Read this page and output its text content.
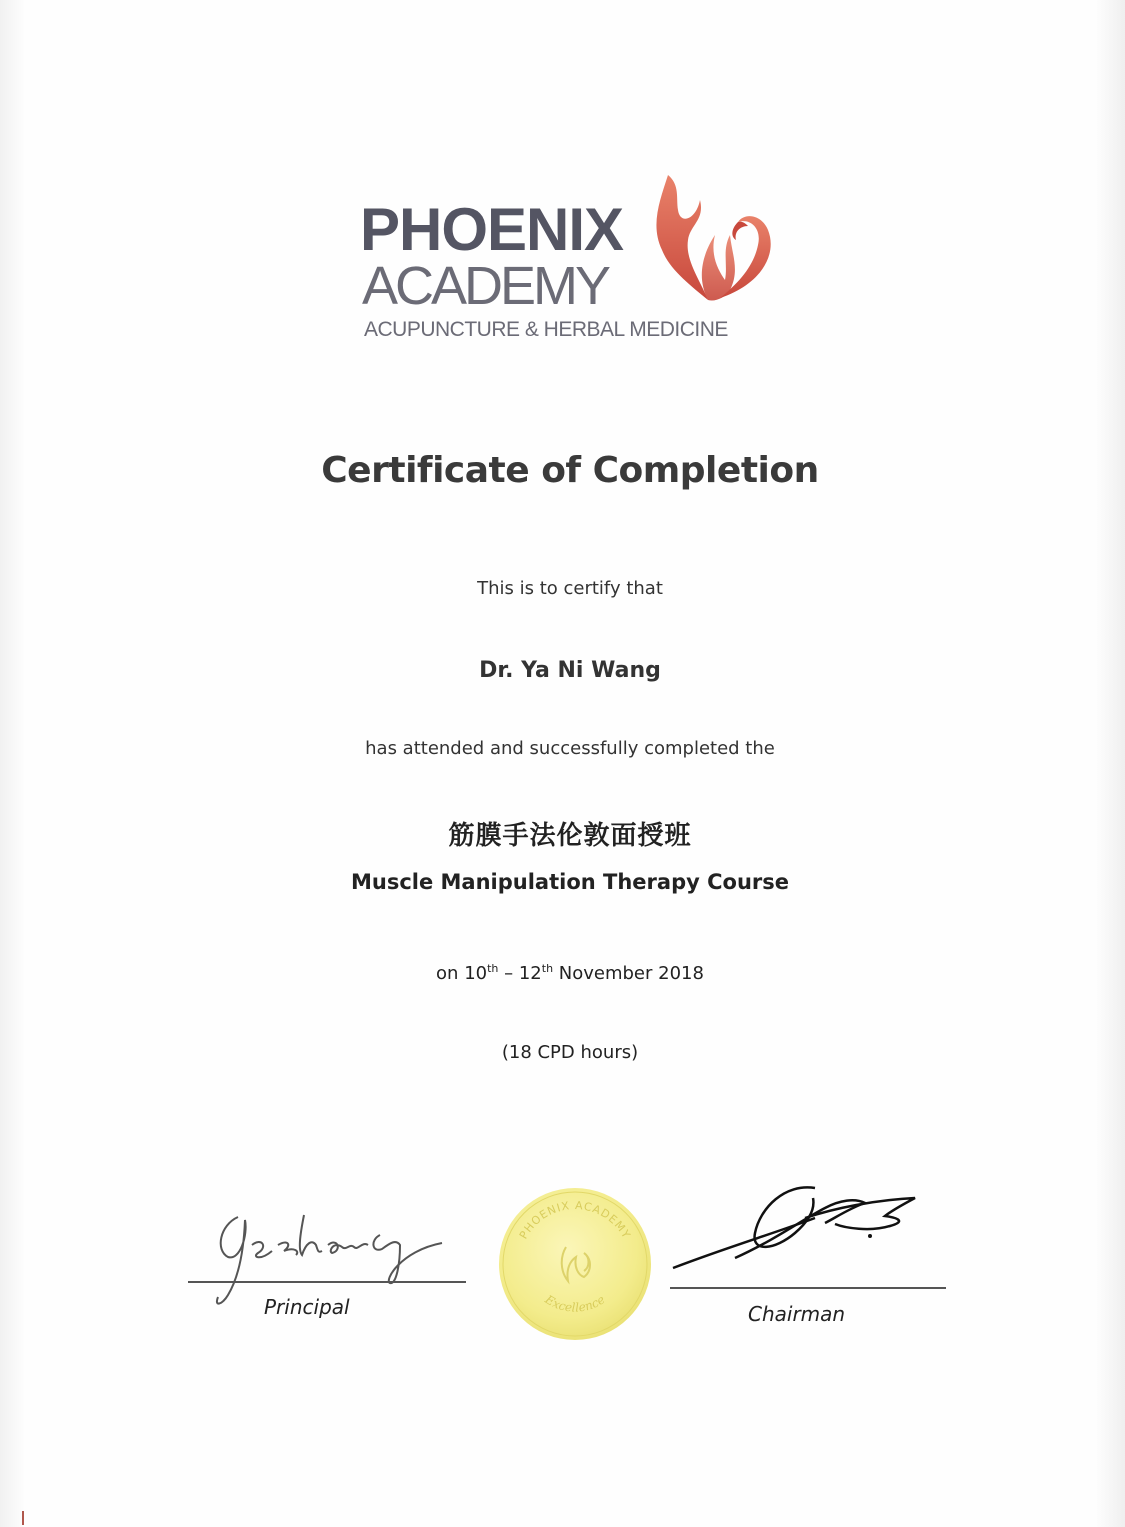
PHOENIX
ACADEMY
ACUPUNCTURE & HERBAL MEDICINE
Certificate of Completion
This is to certify that
Dr. Ya Ni Wang
has attended and successfully completed the
筋膜手法伦敦面授班
Muscle Manipulation Therapy Course
on 10th – 12th November 2018
(18 CPD hours)
Principal	Chairman
PHOENIX ACADEMY
Excellence
